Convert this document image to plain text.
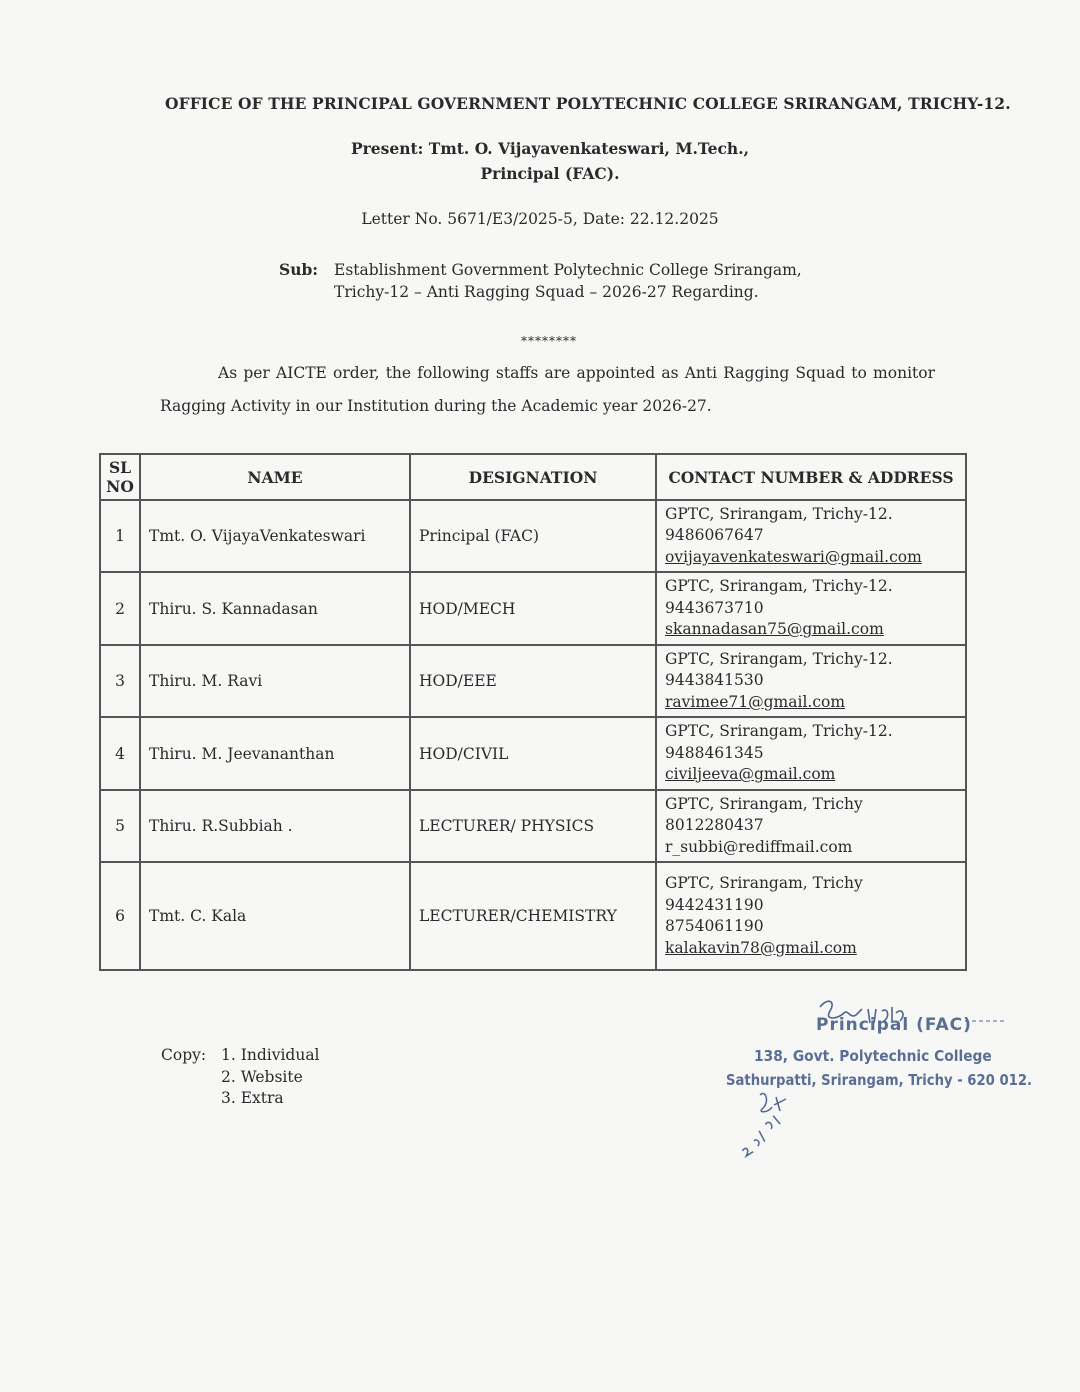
OFFICE OF THE PRINCIPAL GOVERNMENT POLYTECHNIC COLLEGE SRIRANGAM, TRICHY-12.
Present: Tmt. O. Vijayavenkateswari, M.Tech.,
Principal (FAC).
Letter No. 5671/E3/2025-5, Date: 22.12.2025
Sub:	Establishment Government Polytechnic College Srirangam,
Trichy-12 – Anti Ragging Squad – 2026-27 Regarding.
********
As per AICTE order, the following staffs are appointed as Anti Ragging Squad to monitor
Ragging Activity in our Institution during the Academic year 2026-27.
SL NO	NAME	DESIGNATION	CONTACT NUMBER & ADDRESS
1	Tmt. O. VijayaVenkateswari	Principal (FAC)	GPTC, Srirangam, Trichy-12.
9486067647
ovijayavenkateswari@gmail.com

2	Thiru. S. Kannadasan	HOD/MECH	GPTC, Srirangam, Trichy-12.
9443673710
skannadasan75@gmail.com

3	Thiru. M. Ravi	HOD/EEE	GPTC, Srirangam, Trichy-12.
9443841530
ravimee71@gmail.com

4	Thiru. M. Jeevananthan	HOD/CIVIL	GPTC, Srirangam, Trichy-12.
9488461345
civiljeeva@gmail.com

5	Thiru. R.Subbiah .	LECTURER/ PHYSICS	GPTC, Srirangam, Trichy
8012280437
r_subbi@rediffmail.com

6	Tmt. C. Kala	LECTURER/CHEMISTRY	GPTC, Srirangam, Trichy
9442431190
8754061190
kalakavin78@gmail.com
Copy: 1. Individual
2. Website
3. Extra
Principal (FAC)
138, Govt. Polytechnic College
Sathurpatti, Srirangam, Trichy - 620 012.
